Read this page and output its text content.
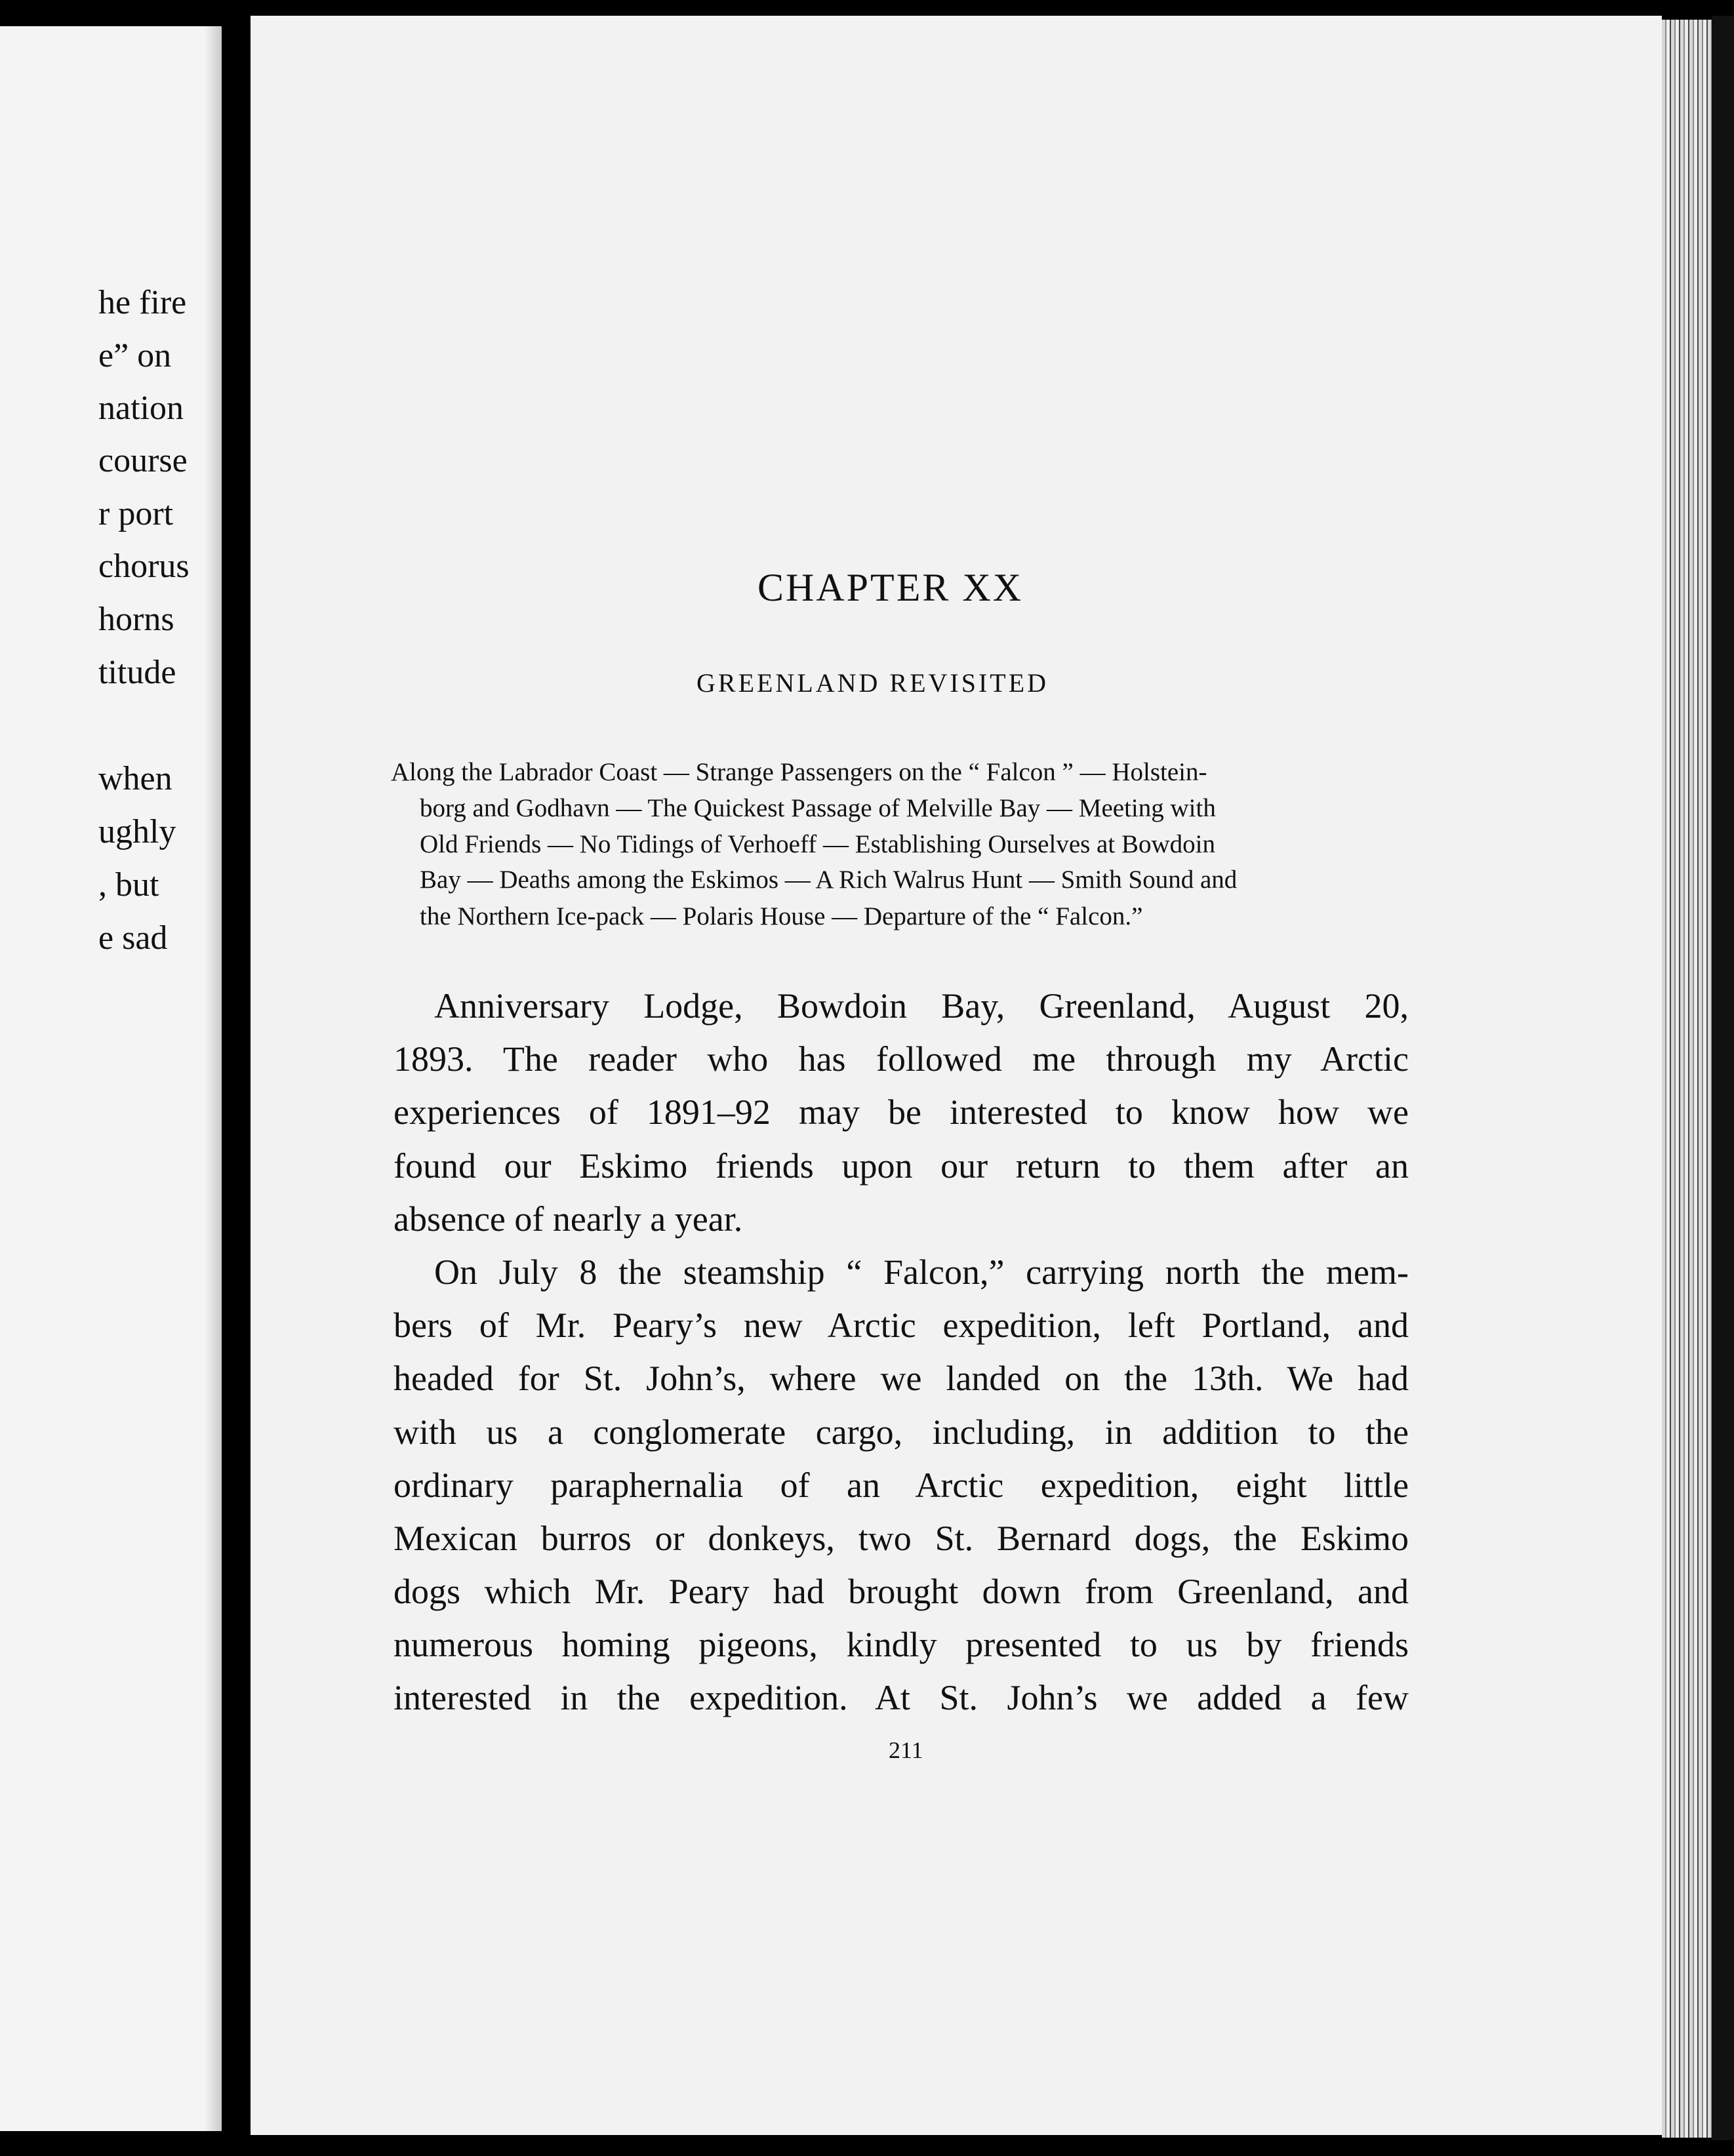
he fire
e” on
nation
course
r port
chorus
horns
titude
when
ughly
, but
e sad
CHAPTER XX
GREENLAND REVISITED
Along the Labrador Coast — Strange Passengers on the “ Falcon ” — Holstein-
borg and Godhavn — The Quickest Passage of Melville Bay — Meeting with
Old Friends — No Tidings of Verhoeff — Establishing Ourselves at Bowdoin
Bay — Deaths among the Eskimos — A Rich Walrus Hunt — Smith Sound and
the Northern Ice-pack — Polaris House — Departure of the “ Falcon.”
Anniversary Lodge, Bowdoin Bay, Greenland, August 20,
1893. The reader who has followed me through my Arctic
experiences of 1891–92 may be interested to know how we
found our Eskimo friends upon our return to them after an
absence of nearly a year.
On July 8 the steamship “ Falcon,” carrying north the mem-
bers of Mr. Peary’s new Arctic expedition, left Portland, and
headed for St. John’s, where we landed on the 13th. We had
with us a conglomerate cargo, including, in addition to the
ordinary paraphernalia of an Arctic expedition, eight little
Mexican burros or donkeys, two St. Bernard dogs, the Eskimo
dogs which Mr. Peary had brought down from Greenland, and
numerous homing pigeons, kindly presented to us by friends
interested in the expedition. At St. John’s we added a few
211
